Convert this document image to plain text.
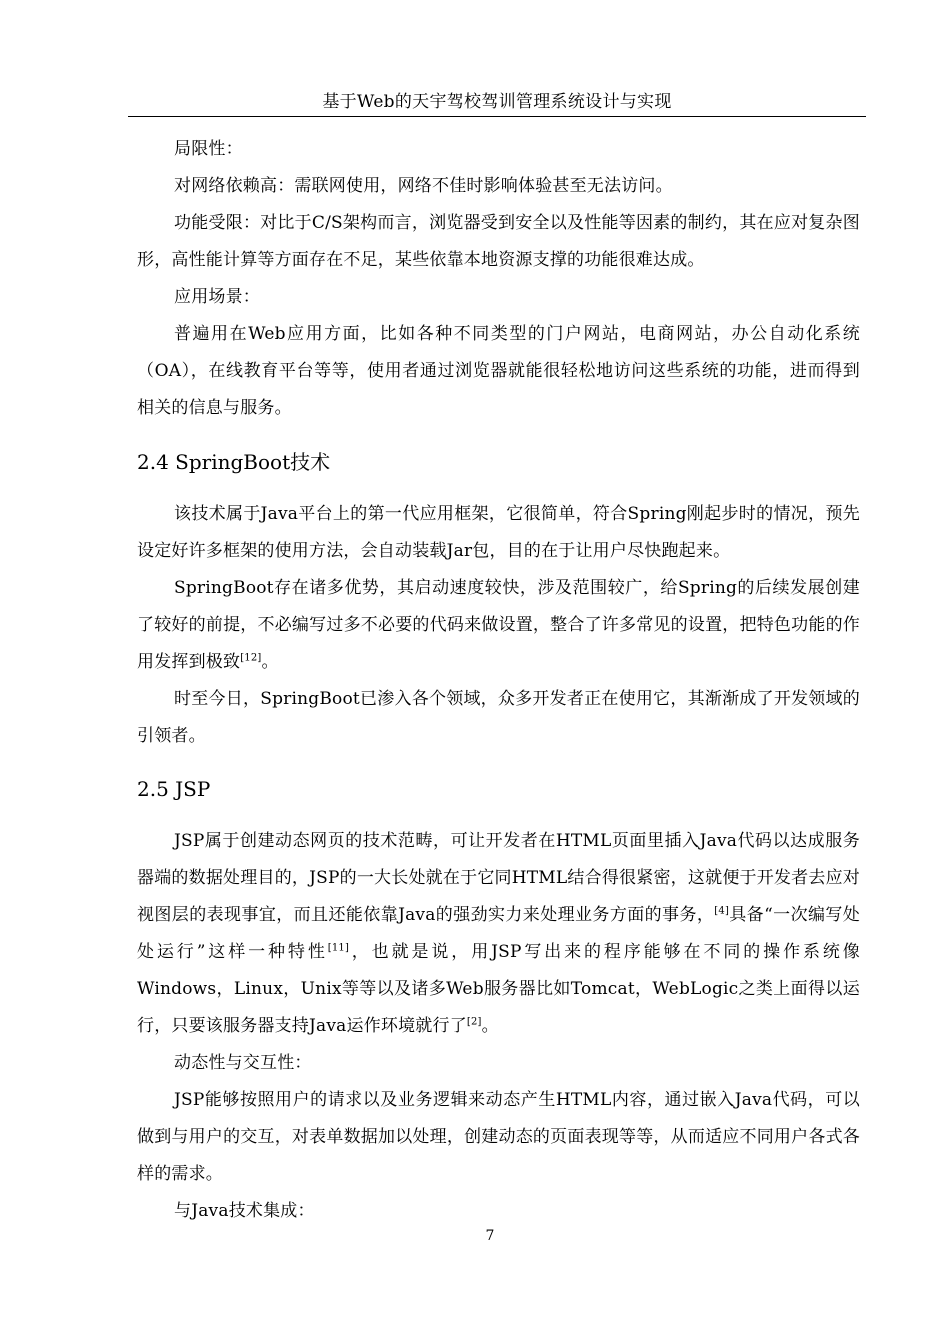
基于Web的天宇驾校驾训管理系统设计与实现

局限性：

对网络依赖高：需联网使用，网络不佳时影响体验甚至无法访问。

功能受限：对比于C/S架构而言，浏览器受到安全以及性能等因素的制约，其在应对复杂图形，高性能计算等方面存在不足，某些依靠本地资源支撑的功能很难达成。

应用场景：

普遍用在Web应用方面，比如各种不同类型的门户网站，电商网站，办公自动化系统（OA），在线教育平台等等，使用者通过浏览器就能很轻松地访问这些系统的功能，进而得到相关的信息与服务。

2.4 SpringBoot技术

该技术属于Java平台上的第一代应用框架，它很简单，符合Spring刚起步时的情况，预先设定好许多框架的使用方法，会自动装载Jar包，目的在于让用户尽快跑起来。

SpringBoot存在诸多优势，其启动速度较快，涉及范围较广，给Spring的后续发展创建了较好的前提，不必编写过多不必要的代码来做设置，整合了许多常见的设置，把特色功能的作用发挥到极致[12]。

时至今日，SpringBoot已渗入各个领域，众多开发者正在使用它，其渐渐成了开发领域的引领者。

2.5 JSP

JSP属于创建动态网页的技术范畴，可让开发者在HTML页面里插入Java代码以达成服务器端的数据处理目的，JSP的一大长处就在于它同HTML结合得很紧密，这就便于开发者去应对视图层的表现事宜，而且还能依靠Java的强劲实力来处理业务方面的事务，[4]具备“一次编写处处运行”这样一种特性[11]，也就是说，用JSP写出来的程序能够在不同的操作系统像Windows，Linux，Unix等等以及诸多Web服务器比如Tomcat，WebLogic之类上面得以运行，只要该服务器支持Java运作环境就行了[2]。

动态性与交互性：

JSP能够按照用户的请求以及业务逻辑来动态产生HTML内容，通过嵌入Java代码，可以做到与用户的交互，对表单数据加以处理，创建动态的页面表现等等，从而适应不同用户各式各样的需求。

与Java技术集成：

7
